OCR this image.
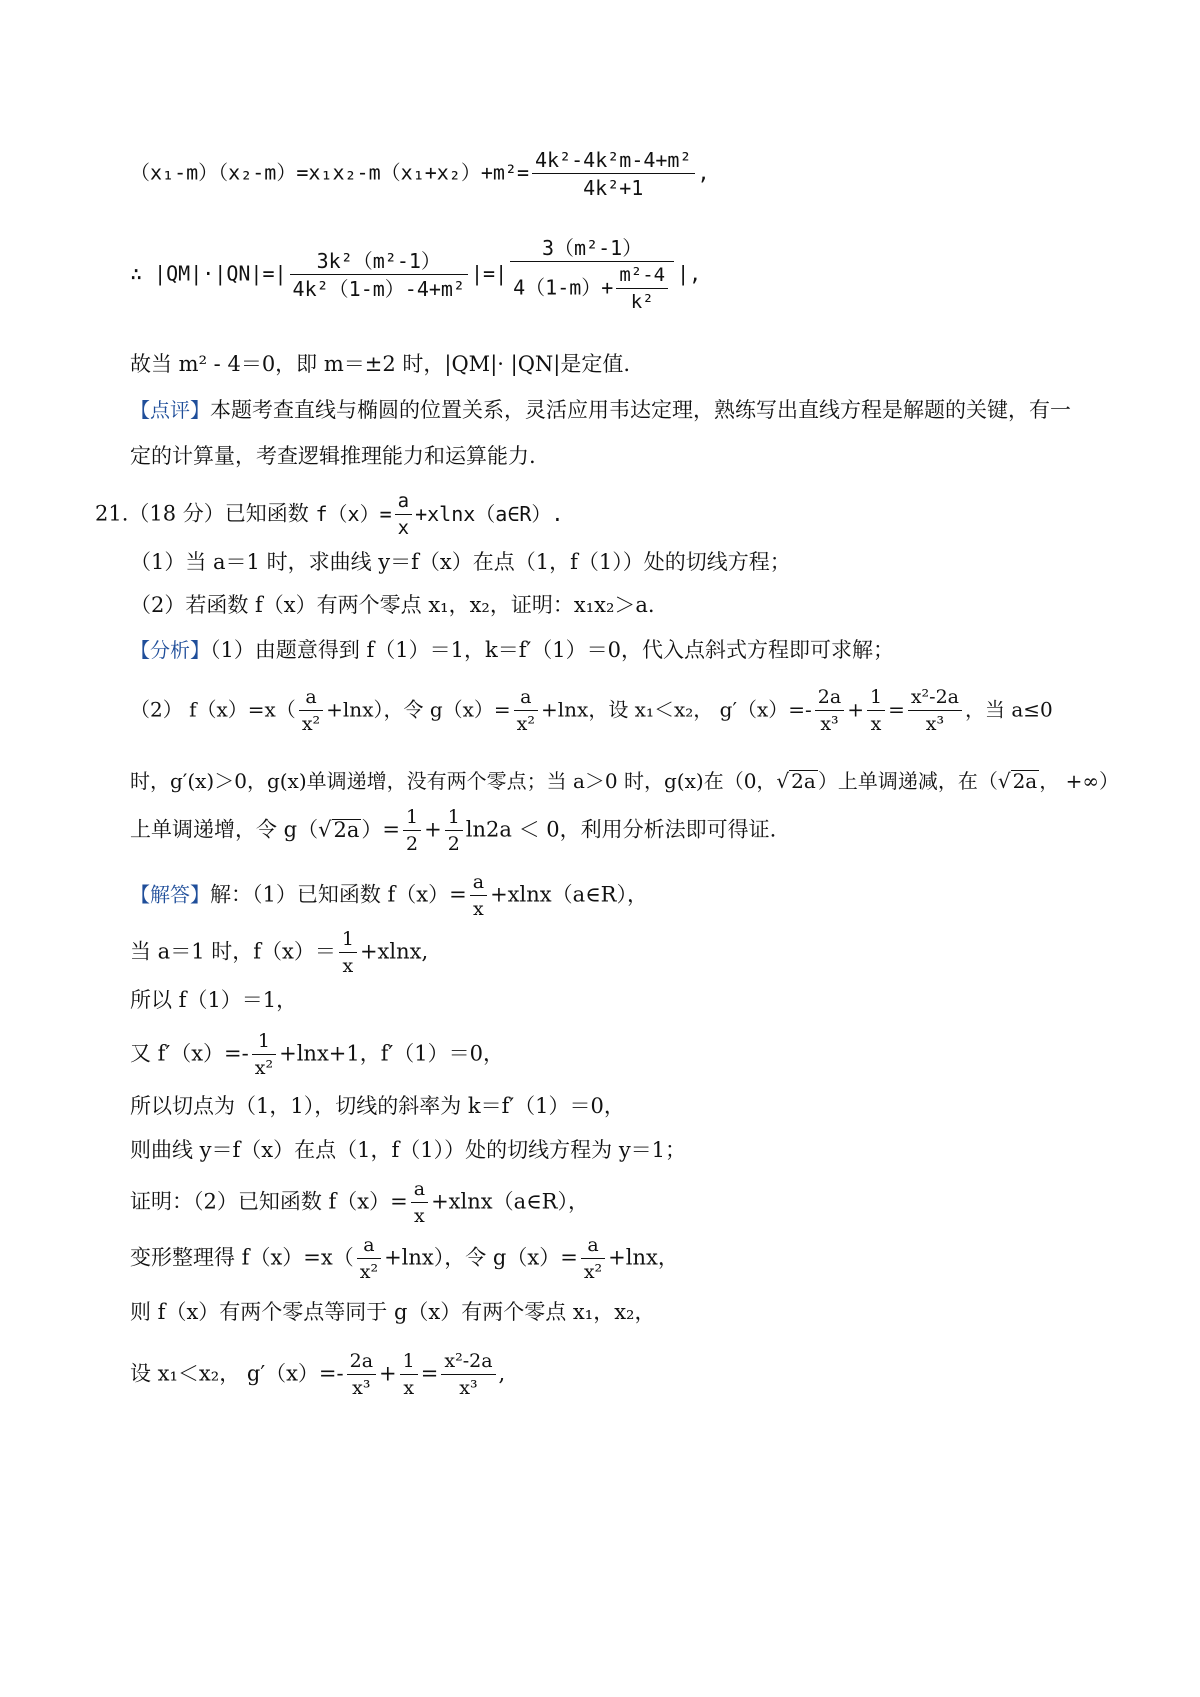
$(x_1-m)(x_2-m)=x_1x_2-m(x_1+x_2)+m^2= \frac{\text{4k²-4k²m-4+m²}}{\text{4k²+1}}$ ,
∴ $|QM|\cdot|QN|=| \frac{\text{3k²（m²-1）}}{\text{4k²（1-m）-4+m²}}$ |=| $\frac{\text{3（m²-1）}}{4(1-m)+ \frac{\text{m²-4}}{\text{k²}}}$ |,
故当 m² - 4＝0，即 m＝±2 时，|QM|· |QN|是定值.
【点评】本题考查直线与椭圆的位置关系，灵活应用韦达定理，熟练写出直线方程是解题的关键，有一
定的计算量，考查逻辑推理能力和运算能力.
21.（18 分）已知函数 $f(x)= \frac{a}{x}$ +xlnx（a∈R）.
（1）当 a＝1 时，求曲线 y＝f（x）在点（1，f（1））处的切线方程；
（2）若函数 f（x）有两个零点 x₁，x₂，证明：x₁x₂＞a.
【分析】（1）由题意得到 f（1）＝1，k＝f′（1）＝0，代入点斜式方程即可求解；
（2） $f(x)=x( \frac{a}{\text{x²}} +\ln x)$，令 $g(x)= \frac{a}{\text{x²}} +\ln x$，设 x₁＜x₂， $g'(x)=- \frac{2a}{\text{x³}} + \frac{1}{x} = \frac{\text{x²-2a}}{\text{x³}}$ ，当 a≤0
时，g′(x)＞0，g(x)单调递增，没有两个零点；当 a＞0 时，g(x)在（0，√ 2a ）上单调递减，在（√ 2a ， +∞）
上单调递增，令 $g(√2a)= \frac{1}{2} + \frac{1}{2} \ln 2a < 0$，利用分析法即可得证.
【解答】解：（1）已知函数 $f(x)= \frac{a}{x}$ +xlnx（a∈R），
当 a＝1 时，$f(x)= \frac{1}{x} +xlnx$,
所以 f（1）＝1，
又 $f'(x)=- \frac{1}{\text{x²}} +\ln x+1$，f′（1）＝0，
所以切点为（1，1），切线的斜率为 k＝f′（1）＝0，
则曲线 y＝f（x）在点（1，f（1））处的切线方程为 y＝1；
证明：（2）已知函数 $f(x)= \frac{a}{x}$ +xlnx（a∈R），
变形整理得 $f(x)=x( \frac{a}{\text{x²}} +\ln x)$，令 $g(x)= \frac{a}{\text{x²}} +\ln x$，
则 f（x）有两个零点等同于 g（x）有两个零点 x₁，x₂，
设 x₁＜x₂， $g'(x)=- \frac{2a}{\text{x³}} + \frac{1}{x} = \frac{\text{x²-2a}}{\text{x³}}$ ,
